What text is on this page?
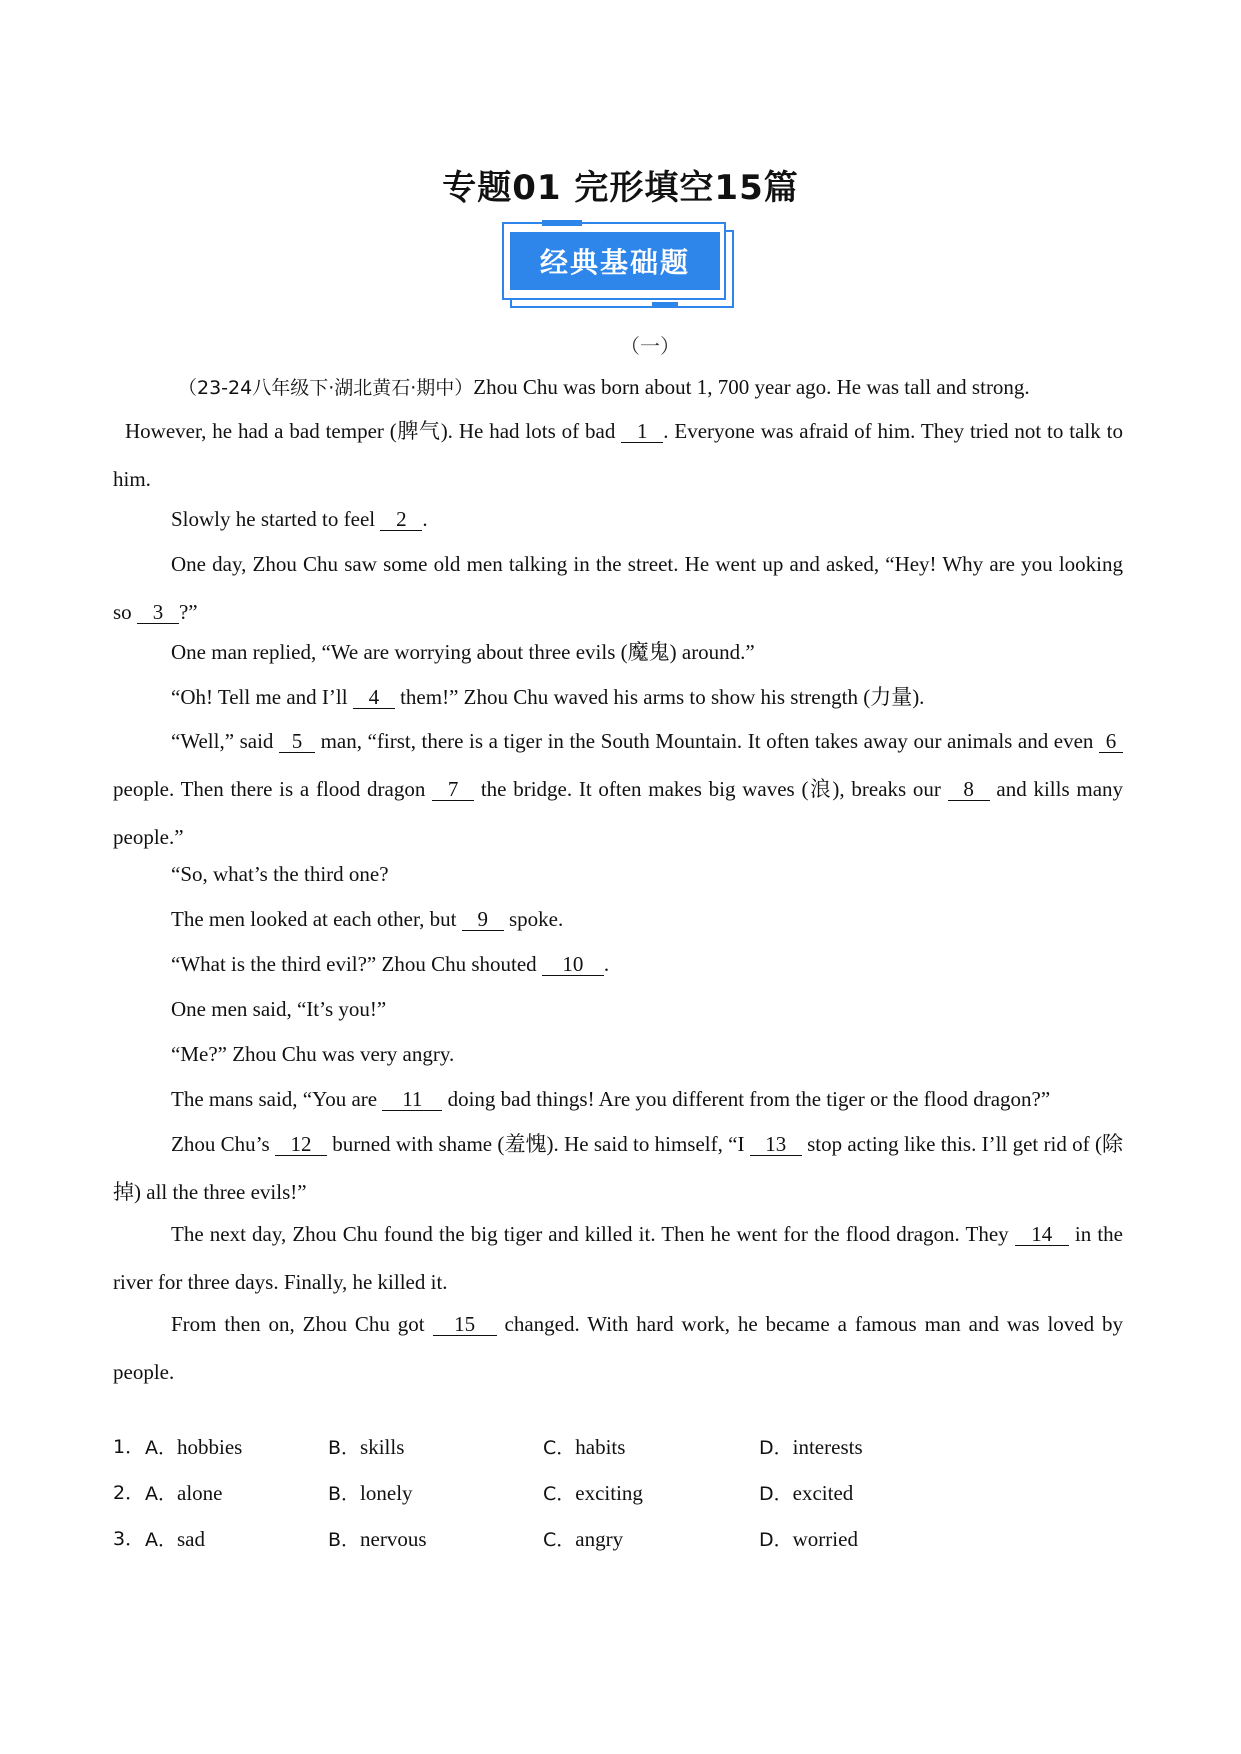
专题01 完形填空15篇
经典基础题
（一）
（23-24八年级下·湖北黄石·期中）Zhou Chu was born about 1, 700 year ago. He was tall and strong.
However, he had a bad temper (脾气). He had lots of bad 1 . Everyone was afraid of him. They tried not to talk to him.
Slowly he started to feel 2 .
One day, Zhou Chu saw some old men talking in the street. He went up and asked, “Hey! Why are you looking so 3 ?”
One man replied, “We are worrying about three evils (魔鬼) around.”
“Oh! Tell me and I’ll 4 them!” Zhou Chu waved his arms to show his strength (力量).
“Well,” said 5 man, “first, there is a tiger in the South Mountain. It often takes away our animals and even 6 people. Then there is a flood dragon 7 the bridge. It often makes big waves (浪), breaks our 8 and kills many people.”
“So, what’s the third one?
The men looked at each other, but 9 spoke.
“What is the third evil?” Zhou Chu shouted 10 .
One men said, “It’s you!”
“Me?” Zhou Chu was very angry.
The mans said, “You are 11 doing bad things! Are you different from the tiger or the flood dragon?”
Zhou Chu’s 12 burned with shame (羞愧). He said to himself, “I 13 stop acting like this. I’ll get rid of (除掉) all the three evils!”
The next day, Zhou Chu found the big tiger and killed it. Then he went for the flood dragon. They 14 in the river for three days. Finally, he killed it.
From then on, Zhou Chu got 15 changed. With hard work, he became a famous man and was loved by people.
1． A．hobbies	B．skills	C．habits	D．interests
2． A．alone	B．lonely	C．exciting	D．excited
3． A．sad	B．nervous	C．angry	D．worried
